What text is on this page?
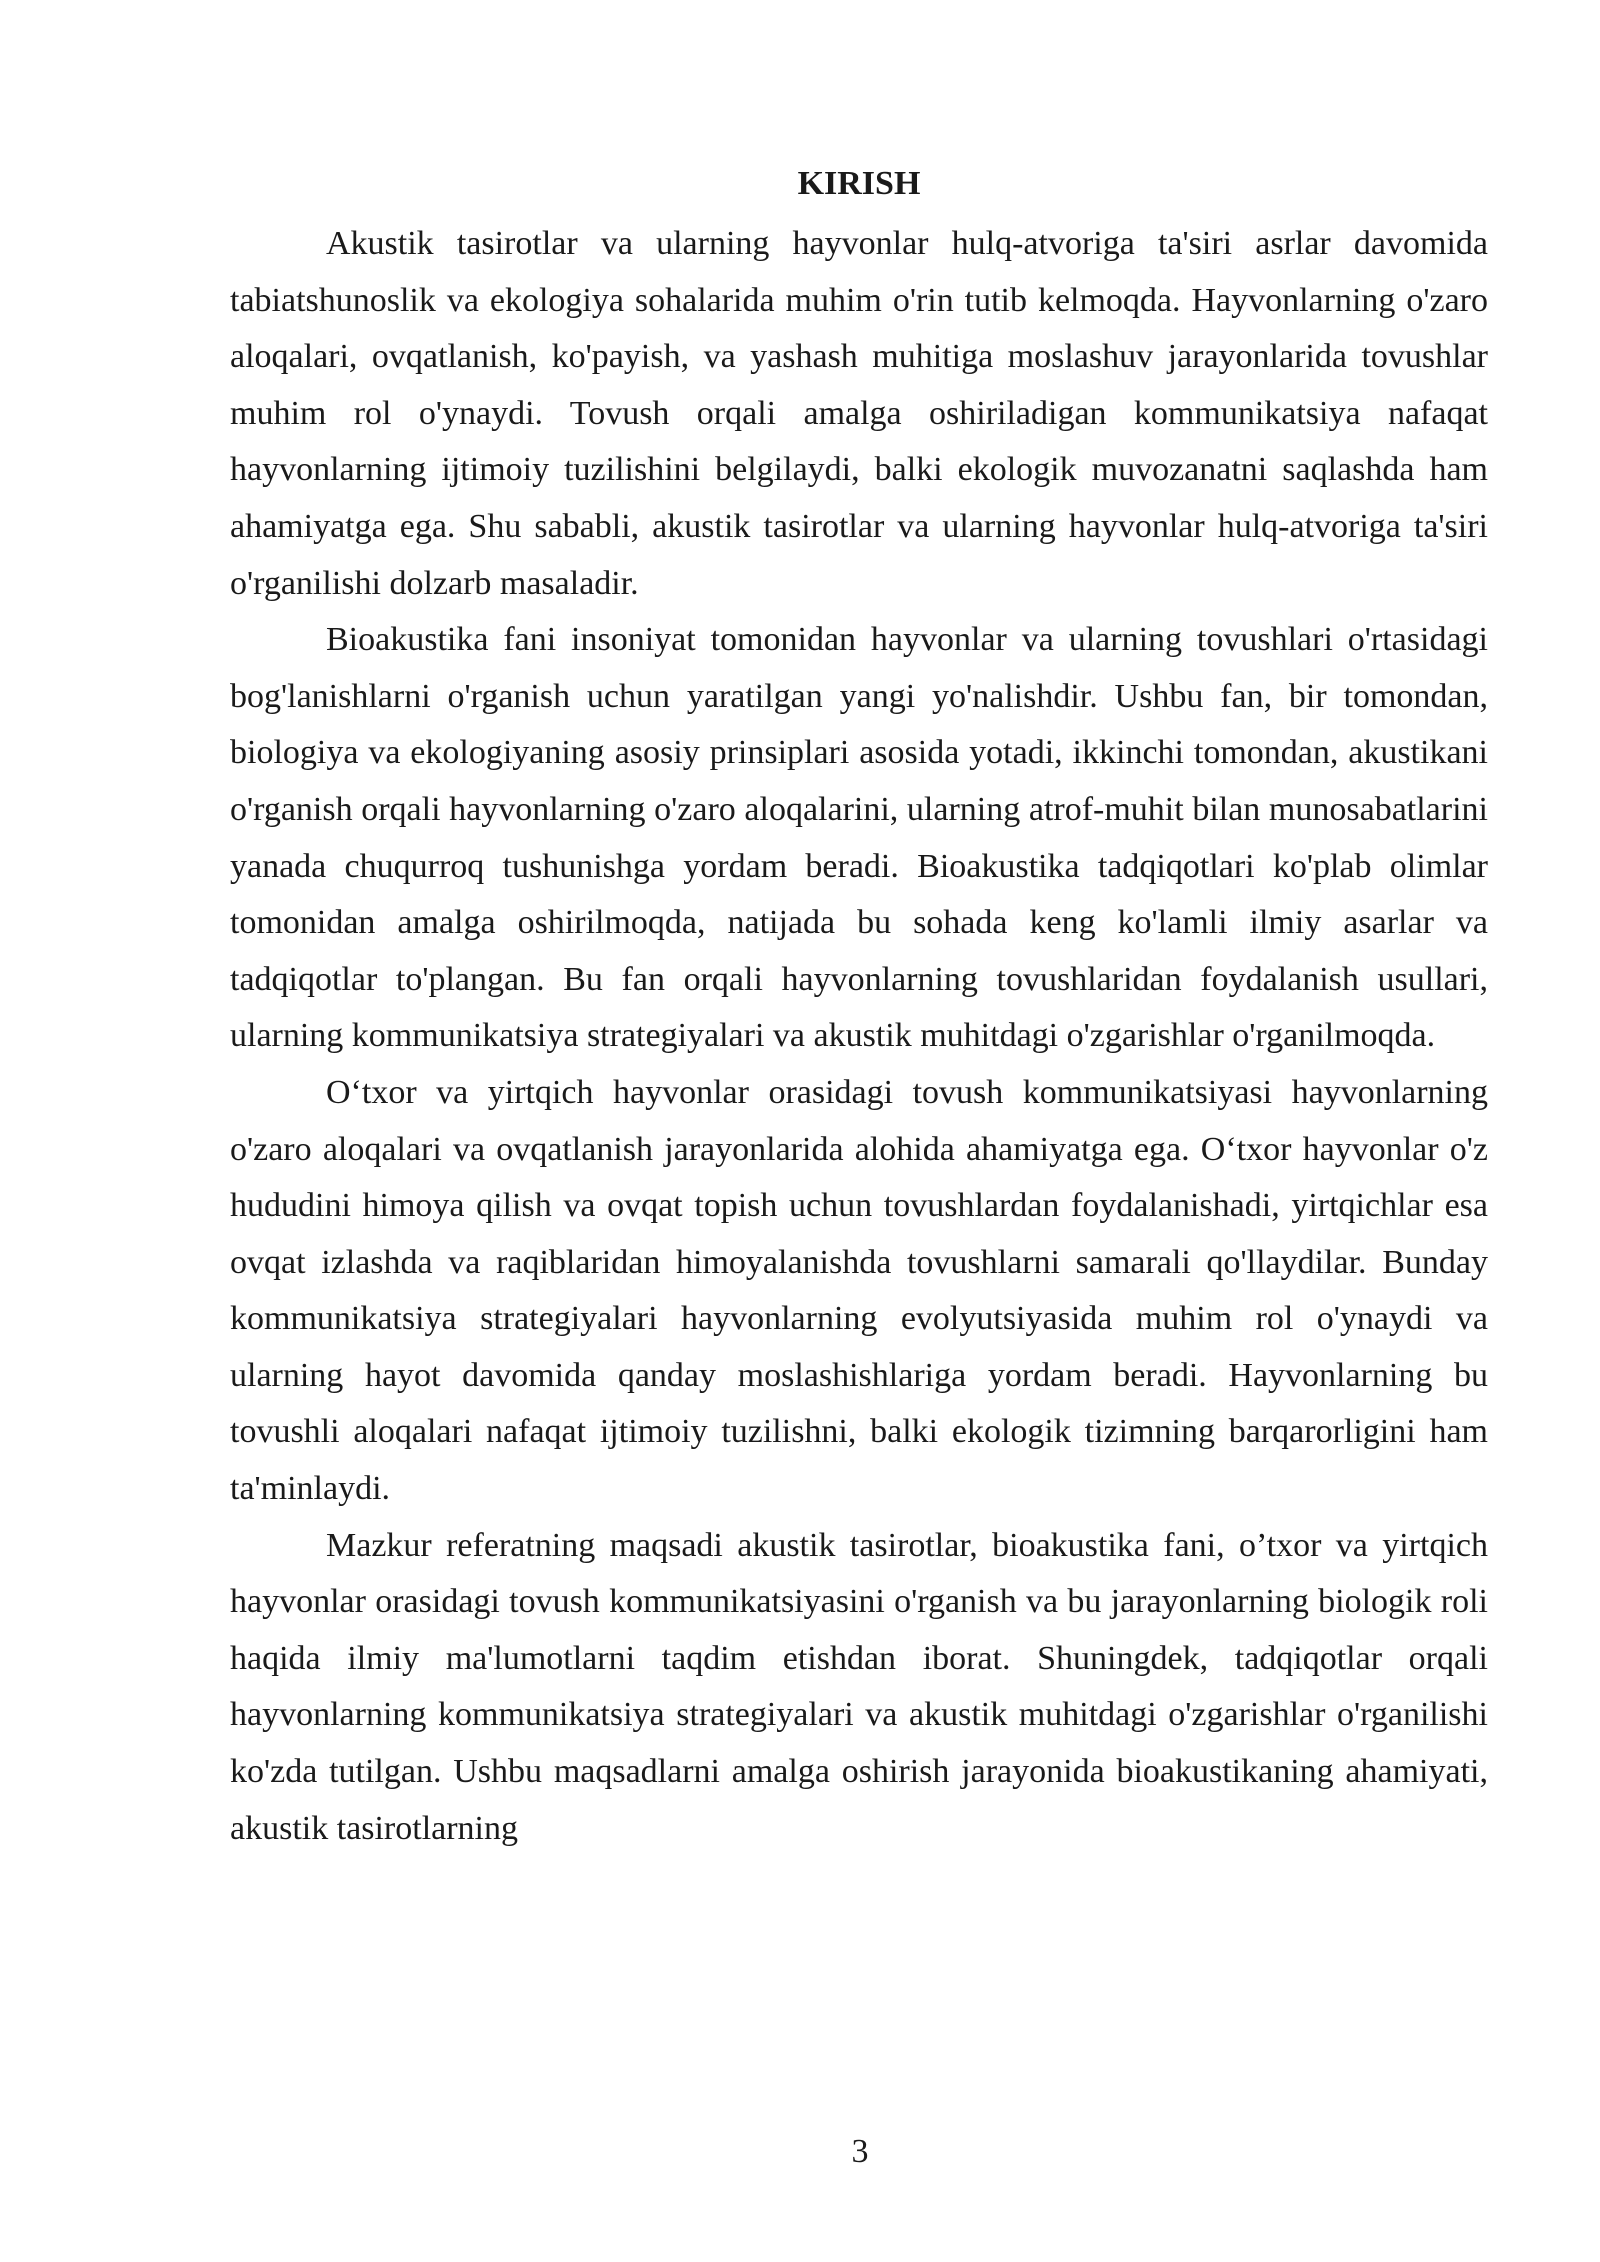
KIRISH

Akustik tasirotlar va ularning hayvonlar hulq-atvoriga ta'siri asrlar davomida tabiatshunoslik va ekologiya sohalarida muhim o'rin tutib kelmoqda. Hayvonlarning o'zaro aloqalari, ovqatlanish, ko'payish, va yashash muhitiga moslashuv jarayonlarida tovushlar muhim rol o'ynaydi. Tovush orqali amalga oshiriladigan kommunikatsiya nafaqat hayvonlarning ijtimoiy tuzilishini belgilaydi, balki ekologik muvozanatni saqlashda ham ahamiyatga ega. Shu sababli, akustik tasirotlar va ularning hayvonlar hulq-atvoriga ta'siri o'rganilishi dolzarb masaladir.

Bioakustika fani insoniyat tomonidan hayvonlar va ularning tovushlari o'rtasidagi bog'lanishlarni o'rganish uchun yaratilgan yangi yo'nalishdir. Ushbu fan, bir tomondan, biologiya va ekologiyaning asosiy prinsiplari asosida yotadi, ikkinchi tomondan, akustikani o'rganish orqali hayvonlarning o'zaro aloqalarini, ularning atrof-muhit bilan munosabatlarini yanada chuqurroq tushunishga yordam beradi. Bioakustika tadqiqotlari ko'plab olimlar tomonidan amalga oshirilmoqda, natijada bu sohada keng ko'lamli ilmiy asarlar va tadqiqotlar to'plangan. Bu fan orqali hayvonlarning tovushlaridan foydalanish usullari, ularning kommunikatsiya strategiyalari va akustik muhitdagi o'zgarishlar o'rganilmoqda.

O‘txor va yirtqich hayvonlar orasidagi tovush kommunikatsiyasi hayvonlarning o'zaro aloqalari va ovqatlanish jarayonlarida alohida ahamiyatga ega. O‘txor hayvonlar o'z hududini himoya qilish va ovqat topish uchun tovushlardan foydalanishadi, yirtqichlar esa ovqat izlashda va raqiblaridan himoyalanishda tovushlarni samarali qo'llaydilar. Bunday kommunikatsiya strategiyalari hayvonlarning evolyutsiyasida muhim rol o'ynaydi va ularning hayot davomida qanday moslashishlariga yordam beradi. Hayvonlarning bu tovushli aloqalari nafaqat ijtimoiy tuzilishni, balki ekologik tizimning barqarorligini ham ta'minlaydi.

Mazkur referatning maqsadi akustik tasirotlar, bioakustika fani, o’txor va yirtqich hayvonlar orasidagi tovush kommunikatsiyasini o'rganish va bu jarayonlarning biologik roli haqida ilmiy ma'lumotlarni taqdim etishdan iborat. Shuningdek, tadqiqotlar orqali hayvonlarning kommunikatsiya strategiyalari va akustik muhitdagi o'zgarishlar o'rganilishi ko'zda tutilgan. Ushbu maqsadlarni amalga oshirish jarayonida bioakustikaning ahamiyati, akustik tasirotlarning

3
